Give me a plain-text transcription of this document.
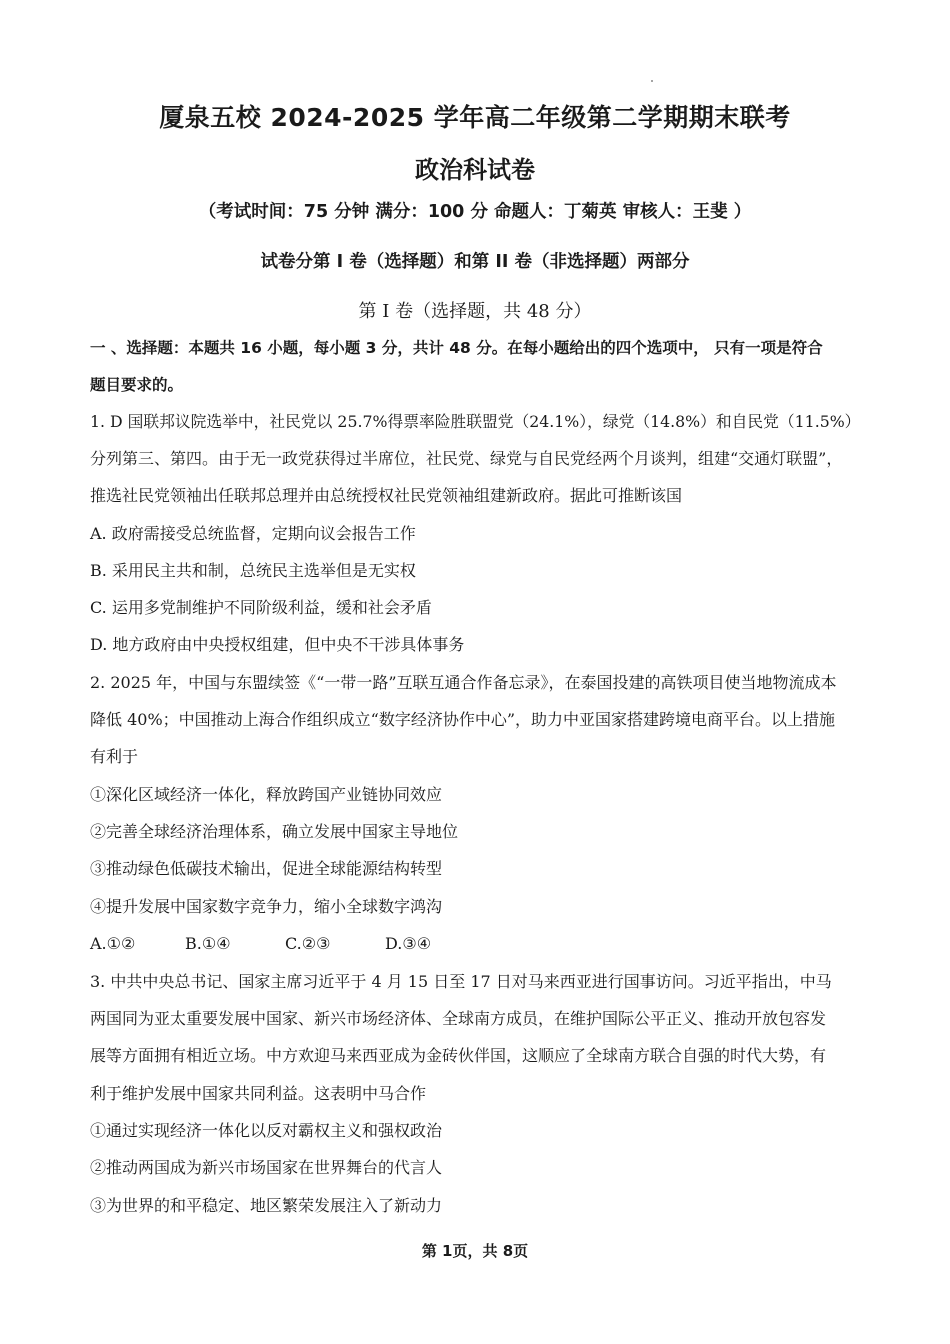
厦泉五校 2024-2025 学年高二年级第二学期期末联考
政治科试卷
（考试时间：75 分钟 满分：100 分 命题人：丁菊英 审核人：王斐 ）
试卷分第 I 卷（选择题）和第 II 卷（非选择题）两部分
第 I 卷（选择题，共 48 分）
一 、选择题：本题共 16 小题，每小题 3 分，共计 48 分。在每小题给出的四个选项中， 只有一项是符合
题目要求的。
1. D 国联邦议院选举中，社民党以 25.7%得票率险胜联盟党（24.1%），绿党（14.8%）和自民党（11.5%）
分列第三、第四。由于无一政党获得过半席位，社民党、绿党与自民党经两个月谈判，组建“交通灯联盟”，
推选社民党领袖出任联邦总理并由总统授权社民党领袖组建新政府。据此可推断该国
A. 政府需接受总统监督，定期向议会报告工作
B. 采用民主共和制，总统民主选举但是无实权
C. 运用多党制维护不同阶级利益，缓和社会矛盾
D. 地方政府由中央授权组建，但中央不干涉具体事务
2. 2025 年，中国与东盟续签《“一带一路”互联互通合作备忘录》，在泰国投建的高铁项目使当地物流成本
降低 40%；中国推动上海合作组织成立“数字经济协作中心”，助力中亚国家搭建跨境电商平台。以上措施
有利于
①深化区域经济一体化，释放跨国产业链协同效应
②完善全球经济治理体系，确立发展中国家主导地位
③推动绿色低碳技术输出，促进全球能源结构转型
④提升发展中国家数字竞争力，缩小全球数字鸿沟
A.①②	B.①④	C.②③	D.③④
3. 中共中央总书记、国家主席习近平于 4 月 15 日至 17 日对马来西亚进行国事访问。习近平指出，中马
两国同为亚太重要发展中国家、新兴市场经济体、全球南方成员，在维护国际公平正义、推动开放包容发
展等方面拥有相近立场。中方欢迎马来西亚成为金砖伙伴国，这顺应了全球南方联合自强的时代大势，有
利于维护发展中国家共同利益。这表明中马合作
①通过实现经济一体化以反对霸权主义和强权政治
②推动两国成为新兴市场国家在世界舞台的代言人
③为世界的和平稳定、地区繁荣发展注入了新动力
第 1页，共 8页
